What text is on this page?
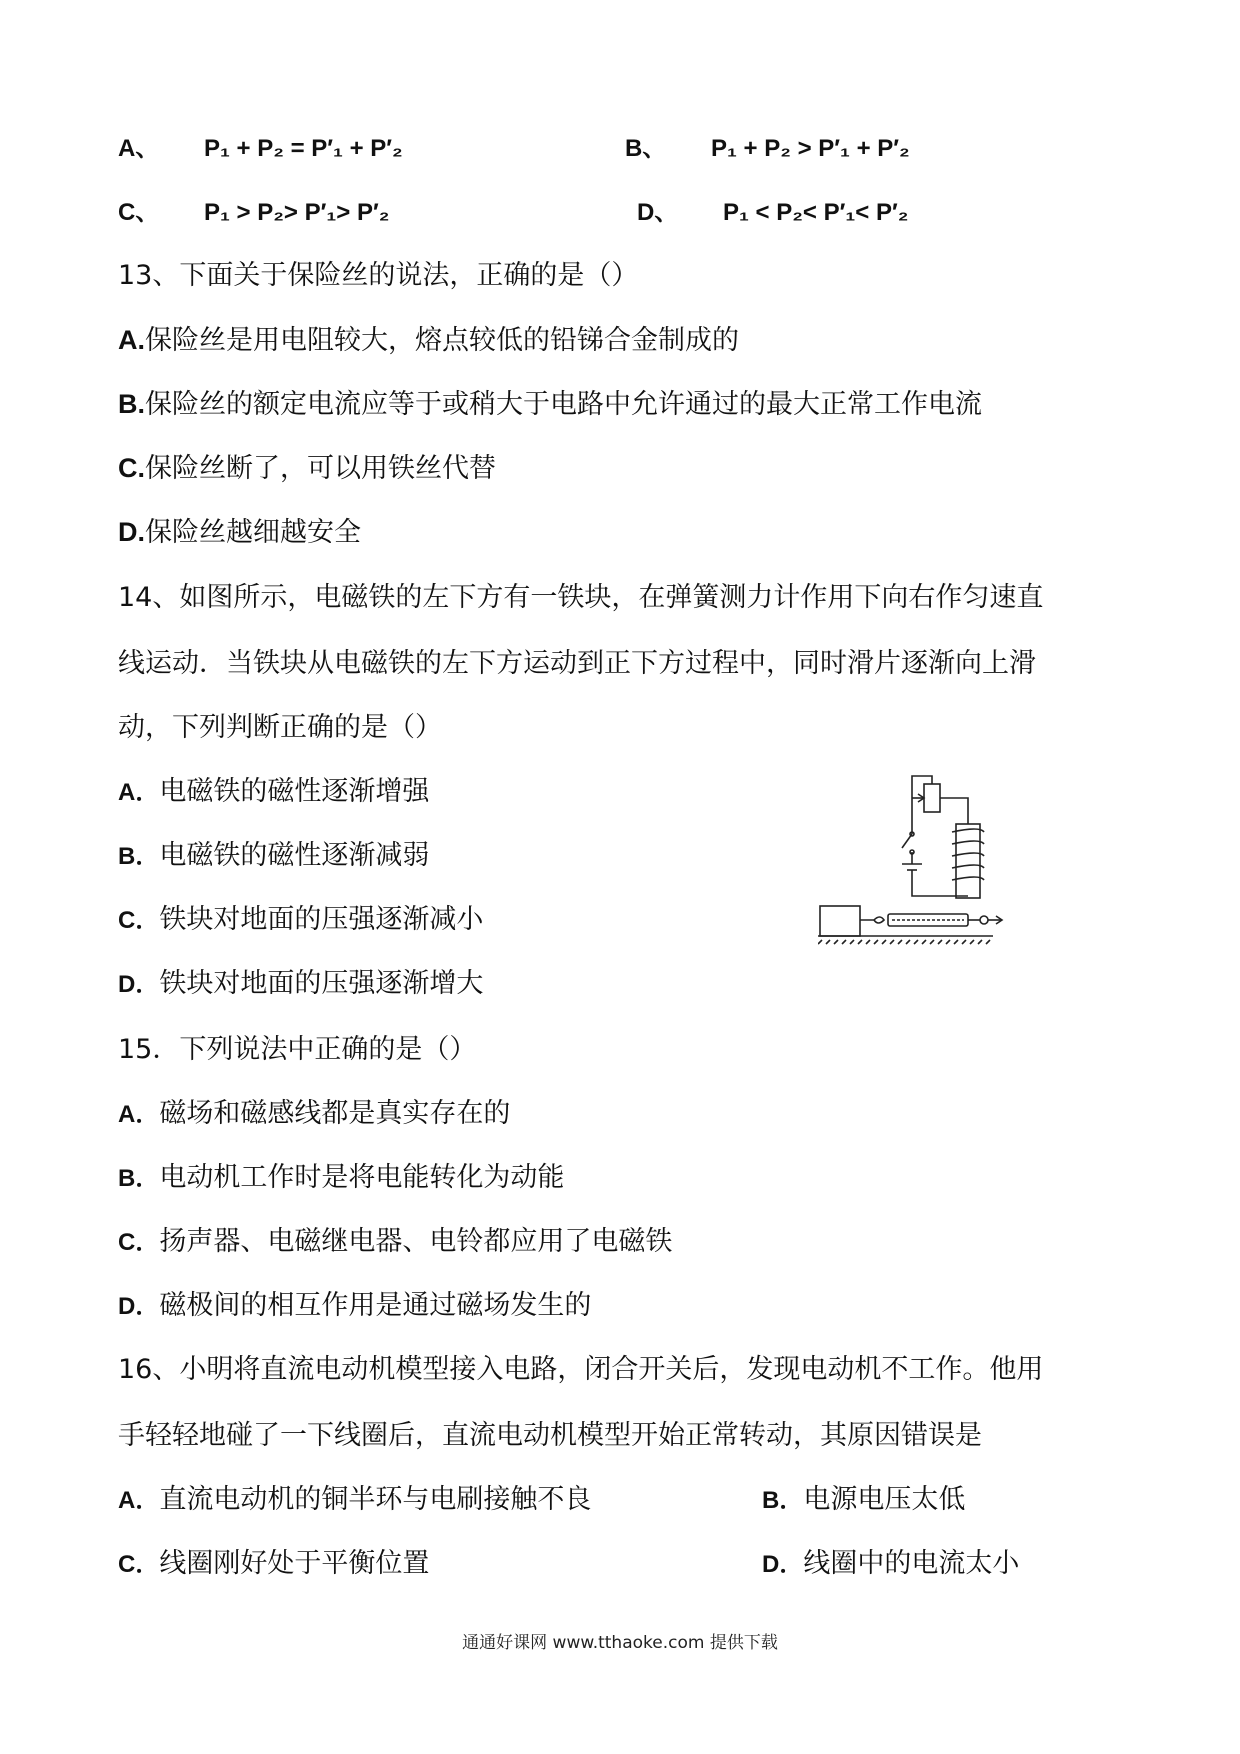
A、 P₁ + P₂ = P′₁ + P′₂	B、 P₁ + P₂ > P′₁ + P′₂
C、 P₁ > P₂> P′₁> P′₂	D、 P₁ < P₂< P′₁< P′₂
13、下面关于保险丝的说法，正确的是（）
A.保险丝是用电阻较大，熔点较低的铅锑合金制成的
B.保险丝的额定电流应等于或稍大于电路中允许通过的最大正常工作电流
C.保险丝断了，可以用铁丝代替
D.保险丝越细越安全
14、如图所示，电磁铁的左下方有一铁块，在弹簧测力计作用下向右作匀速直
线运动．当铁块从电磁铁的左下方运动到正下方过程中，同时滑片逐渐向上滑
动，下列判断正确的是（）
A．电磁铁的磁性逐渐增强
B．电磁铁的磁性逐渐减弱
C．铁块对地面的压强逐渐减小
D．铁块对地面的压强逐渐增大
15．下列说法中正确的是（）
A．磁场和磁感线都是真实存在的
B．电动机工作时是将电能转化为动能
C．扬声器、电磁继电器、电铃都应用了电磁铁
D．磁极间的相互作用是通过磁场发生的
16、小明将直流电动机模型接入电路，闭合开关后，发现电动机不工作。他用
手轻轻地碰了一下线圈后，直流电动机模型开始正常转动，其原因错误是
A．直流电动机的铜半环与电刷接触不良	B．电源电压太低
C．线圈刚好处于平衡位置	D．线圈中的电流太小
通通好课网 www.tthaoke.com 提供下载
